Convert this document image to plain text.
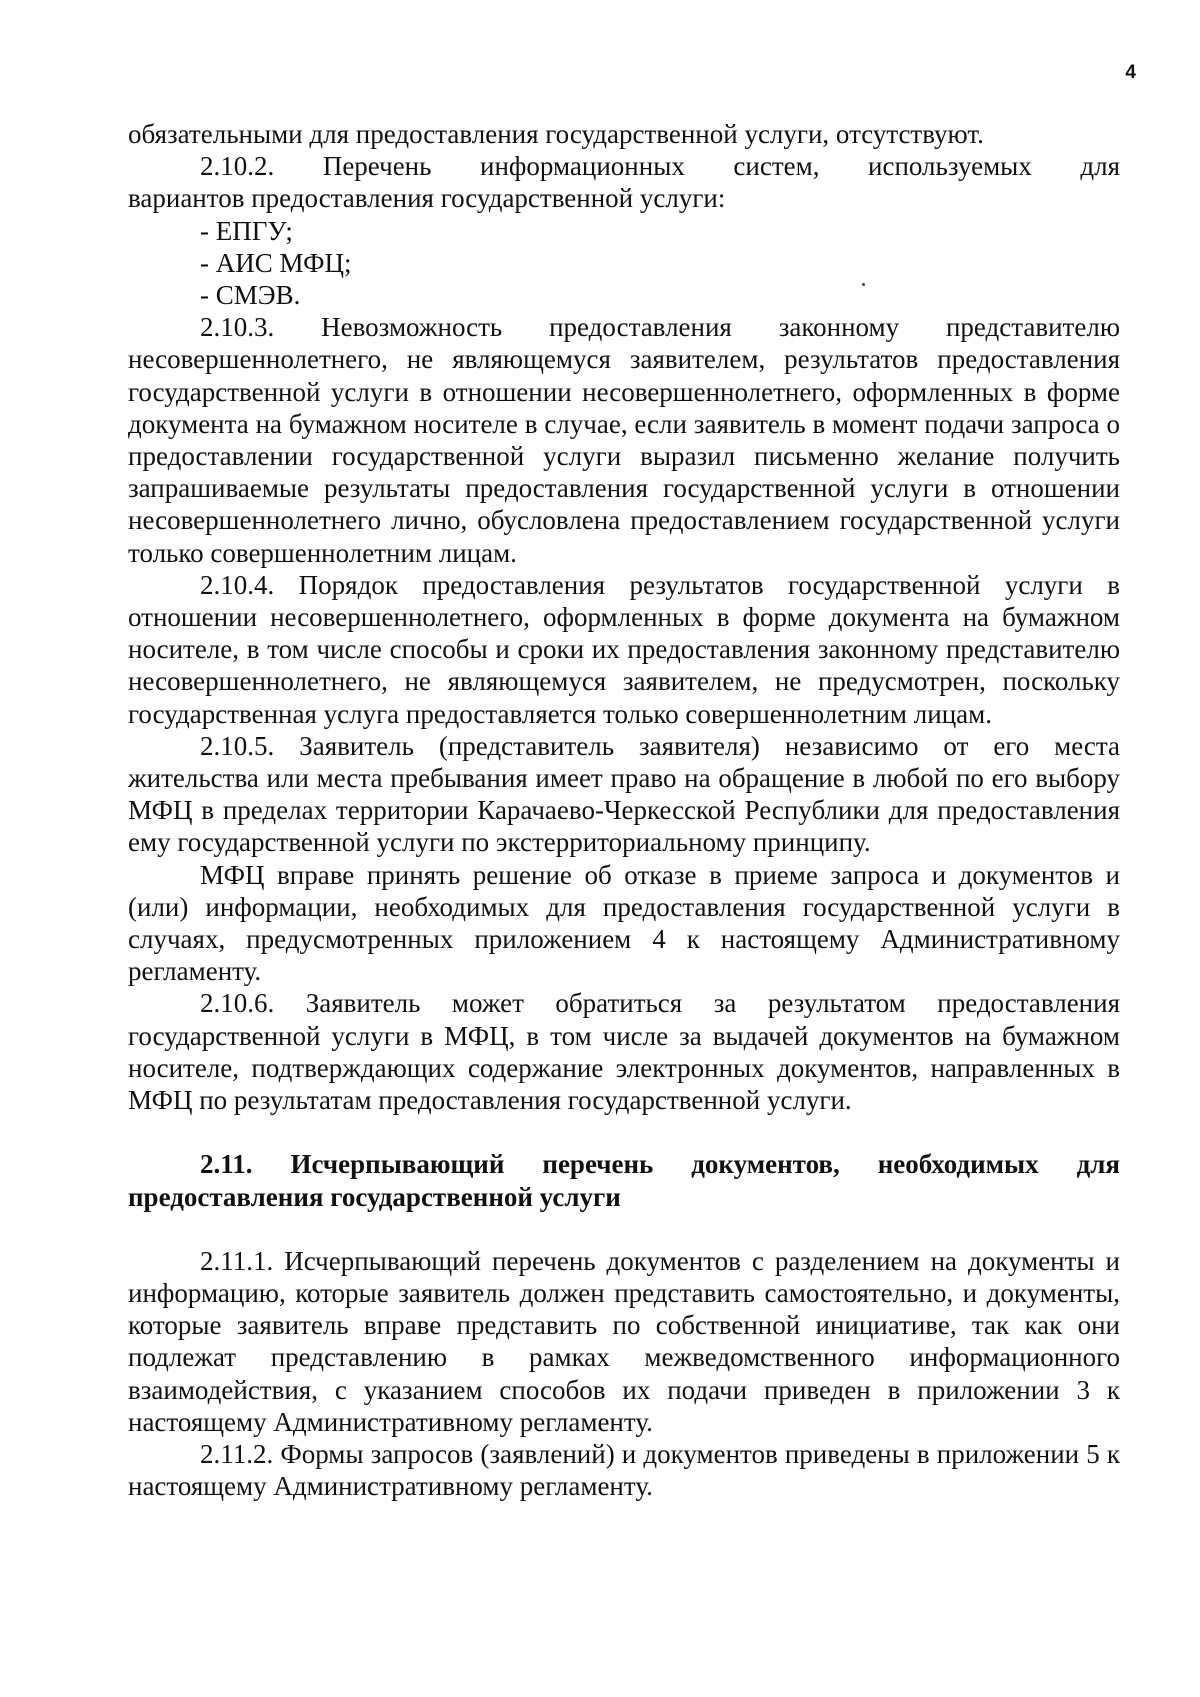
4

обязательными для предоставления государственной услуги, отсутствуют.

2.10.2. Перечень информационных систем, используемых для

вариантов предоставления государственной услуги:

- ЕПГУ;

- АИС МФЦ;

- СМЭВ.

2.10.3. Невозможность предоставления законному представителю несовершеннолетнего, не являющемуся заявителем, результатов предоставления государственной услуги в отношении несовершеннолетнего, оформленных в форме документа на бумажном носителе в случае, если заявитель в момент подачи запроса о предоставлении государственной услуги выразил письменно желание получить запрашиваемые результаты предоставления государственной услуги в отношении несовершеннолетнего лично, обусловлена предоставлением государственной услуги только совершеннолетним лицам.

2.10.4. Порядок предоставления результатов государственной услуги в отношении несовершеннолетнего, оформленных в форме документа на бумажном носителе, в том числе способы и сроки их предоставления законному представителю несовершеннолетнего, не являющемуся заявителем, не предусмотрен, поскольку государственная услуга предоставляется только совершеннолетним лицам.

2.10.5. Заявитель (представитель заявителя) независимо от его места жительства или места пребывания имеет право на обращение в любой по его выбору МФЦ в пределах территории Карачаево-Черкесской Республики для предоставления ему государственной услуги по экстерриториальному принципу.

МФЦ вправе принять решение об отказе в приеме запроса и документов и (или) информации, необходимых для предоставления государственной услуги в случаях, предусмотренных приложением 4 к настоящему Административному регламенту.

2.10.6. Заявитель может обратиться за результатом предоставления государственной услуги в МФЦ, в том числе за выдачей документов на бумажном носителе, подтверждающих содержание электронных документов, направленных в МФЦ по результатам предоставления государственной услуги.

2.11. Исчерпывающий перечень документов, необходимых для предоставления государственной услуги

2.11.1. Исчерпывающий перечень документов с разделением на документы и информацию, которые заявитель должен представить самостоятельно, и документы, которые заявитель вправе представить по собственной инициативе, так как они подлежат представлению в рамках межведомственного информационного взаимодействия, с указанием способов их подачи приведен в приложении 3 к настоящему Административному регламенту.

2.11.2. Формы запросов (заявлений) и документов приведены в приложении 5 к настоящему Административному регламенту.
